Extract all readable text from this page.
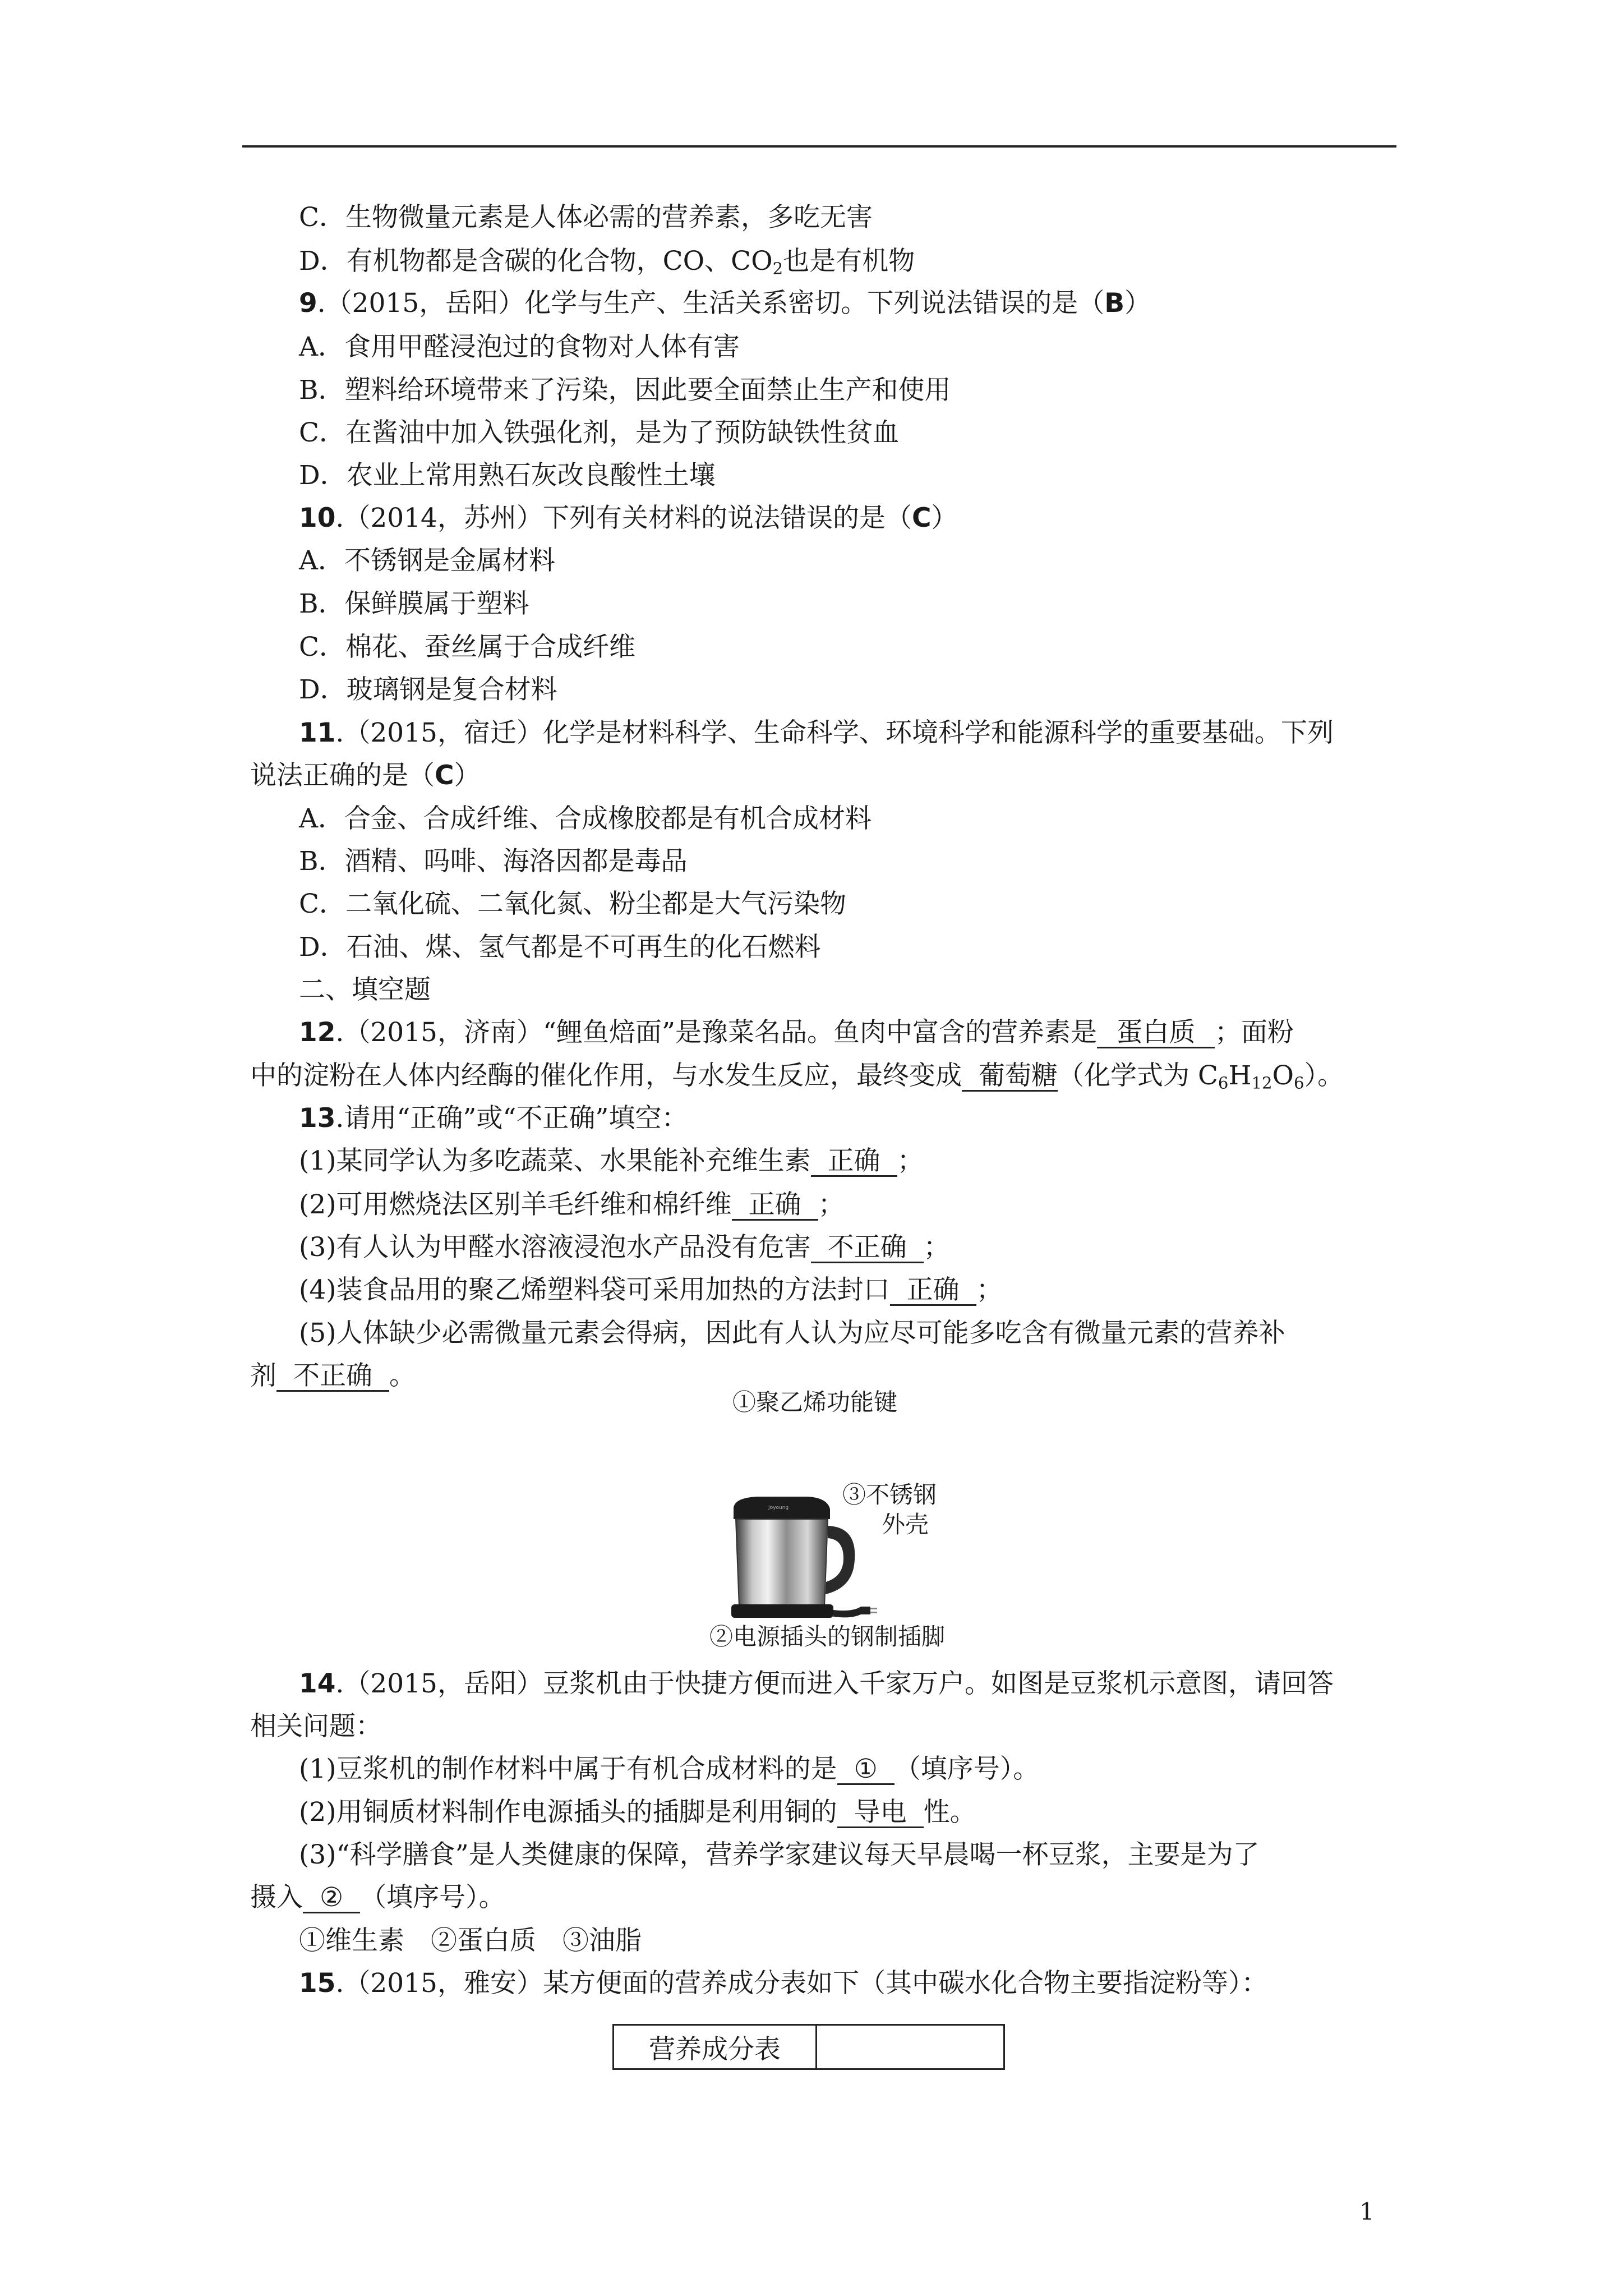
C．生物微量元素是人体必需的营养素，多吃无害
D．有机物都是含碳的化合物，CO、$CO_2$也是有机物
9.（2015，岳阳）化学与生产、生活关系密切。下列说法错误的是（B）
A．食用甲醛浸泡过的食物对人体有害
B．塑料给环境带来了污染，因此要全面禁止生产和使用
C．在酱油中加入铁强化剂，是为了预防缺铁性贫血
D．农业上常用熟石灰改良酸性土壤
10.（2014，苏州）下列有关材料的说法错误的是（C）
A．不锈钢是金属材料
B．保鲜膜属于塑料
C．棉花、蚕丝属于合成纤维
D．玻璃钢是复合材料
11.（2015，宿迁）化学是材料科学、生命科学、环境科学和能源科学的重要基础。下列
说法正确的是（C）
A．合金、合成纤维、合成橡胶都是有机合成材料
B．酒精、吗啡、海洛因都是毒品
C．二氧化硫、二氧化氮、粉尘都是大气污染物
D．石油、煤、氢气都是不可再生的化石燃料
二、填空题
12.（2015，济南）“鲤鱼焙面”是豫菜名品。鱼肉中富含的营养素是 蛋白质 ；面粉
中的淀粉在人体内经酶的催化作用，与水发生反应，最终变成 葡萄糖（化学式为 $C_6H_{12}O_6$）。
13.请用“正确”或“不正确”填空：
(1)某同学认为多吃蔬菜、水果能补充维生素 正确 ；
(2)可用燃烧法区别羊毛纤维和棉纤维 正确 ；
(3)有人认为甲醛水溶液浸泡水产品没有危害 不正确 ；
(4)装食品用的聚乙烯塑料袋可采用加热的方法封口 正确 ；
(5)人体缺少必需微量元素会得病，因此有人认为应尽可能多吃含有微量元素的营养补
剂 不正确 。
①聚乙烯功能键
Joyoung ③不锈钢
外壳
②电源插头的钢制插脚
14.（2015，岳阳）豆浆机由于快捷方便而进入千家万户。如图是豆浆机示意图，请回答
相关问题：
(1)豆浆机的制作材料中属于有机合成材料的是 ① （填序号）。
(2)用铜质材料制作电源插头的插脚是利用铜的 导电 性。
(3)“科学膳食”是人类健康的保障，营养学家建议每天早晨喝一杯豆浆，主要是为了
摄入 ② （填序号）。
①维生素　②蛋白质　③油脂
15.（2015，雅安）某方便面的营养成分表如下（其中碳水化合物主要指淀粉等）：
营养成分表
1
